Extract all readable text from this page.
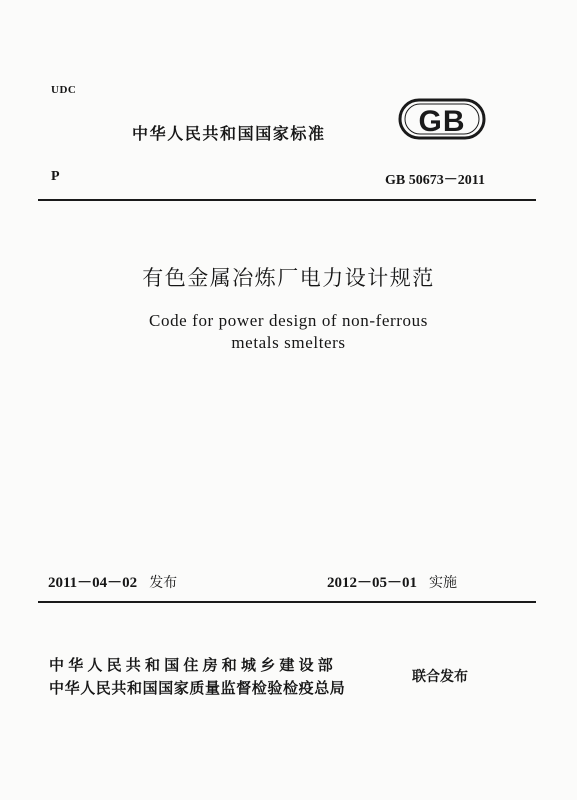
UDC
中华人民共和国国家标准	GB
P	GB 50673－2011
有色金属冶炼厂电力设计规范
Code for power design of non-ferrous
metals smelters
2011－04－02 发布	2012－05－01 实施
中华人民共和国住房和城乡建设部
中华人民共和国国家质量监督检验检疫总局
联合发布
